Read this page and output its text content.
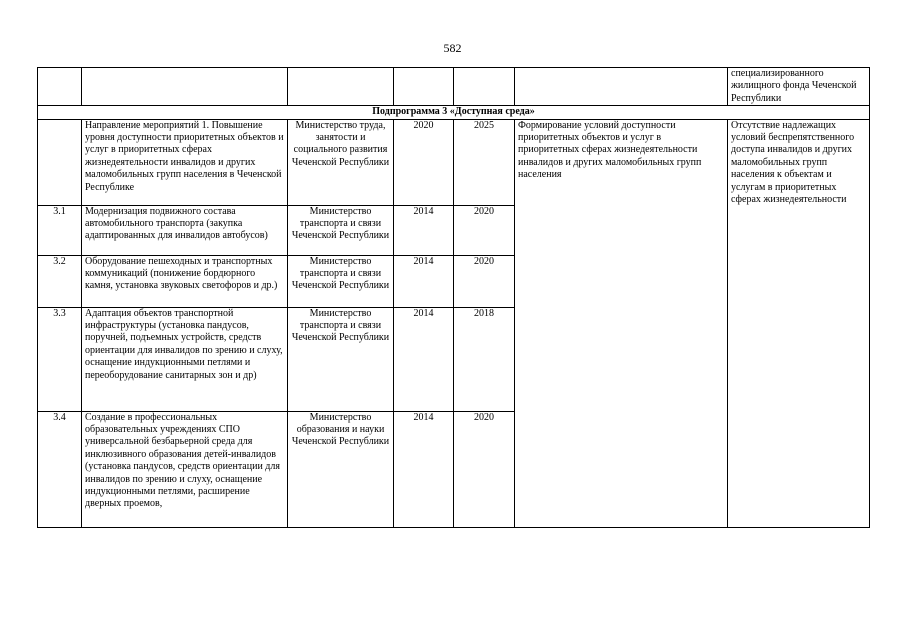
582
						специализированного жилищного фонда Чеченской Республики
Подпрограмма 3 «Доступная среда»						
	Направление мероприятий 1. Повышение уровня доступности приоритетных объектов и услуг в приоритетных сферах жизнедеятельности инвалидов и других маломобильных групп населения в Чеченской Республике	Министерство труда, занятости и социального развития Чеченской Республики	2020	2025	Формирование условий доступности приоритетных объектов и услуг в приоритетных сферах жизнедеятельности инвалидов и других маломобильных групп населения	Отсутствие надлежащих условий беспрепятственного доступа инвалидов и других маломобильных групп населения к объектам и услугам в приоритетных сферах жизнедеятельности
3.1	Модернизация подвижного состава автомобильного транспорта (закупка адаптированных для инвалидов автобусов)	Министерство транспорта и связи Чеченской Республики	2014	2020		
3.2	Оборудование пешеходных и транспортных коммуникаций (понижение бордюрного камня, установка звуковых светофоров и др.)	Министерство транспорта и связи Чеченской Республики	2014	2020		
3.3	Адаптация объектов транспортной инфраструктуры (установка пандусов, поручней, подъемных устройств, средств ориентации для инвалидов по зрению и слуху, оснащение индукционными петлями и переоборудование санитарных зон и др)	Министерство транспорта и связи Чеченской Республики	2014	2018		
3.4	Создание в профессиональных образовательных учреждениях СПО универсальной безбарьерной среда для инклюзивного образования детей-инвалидов (установка пандусов, средств ориентации для инвалидов по зрению и слуху, оснащение индукционными петлями, расширение дверных проемов,	Министерство образования и науки Чеченской Республики	2014	2020		
